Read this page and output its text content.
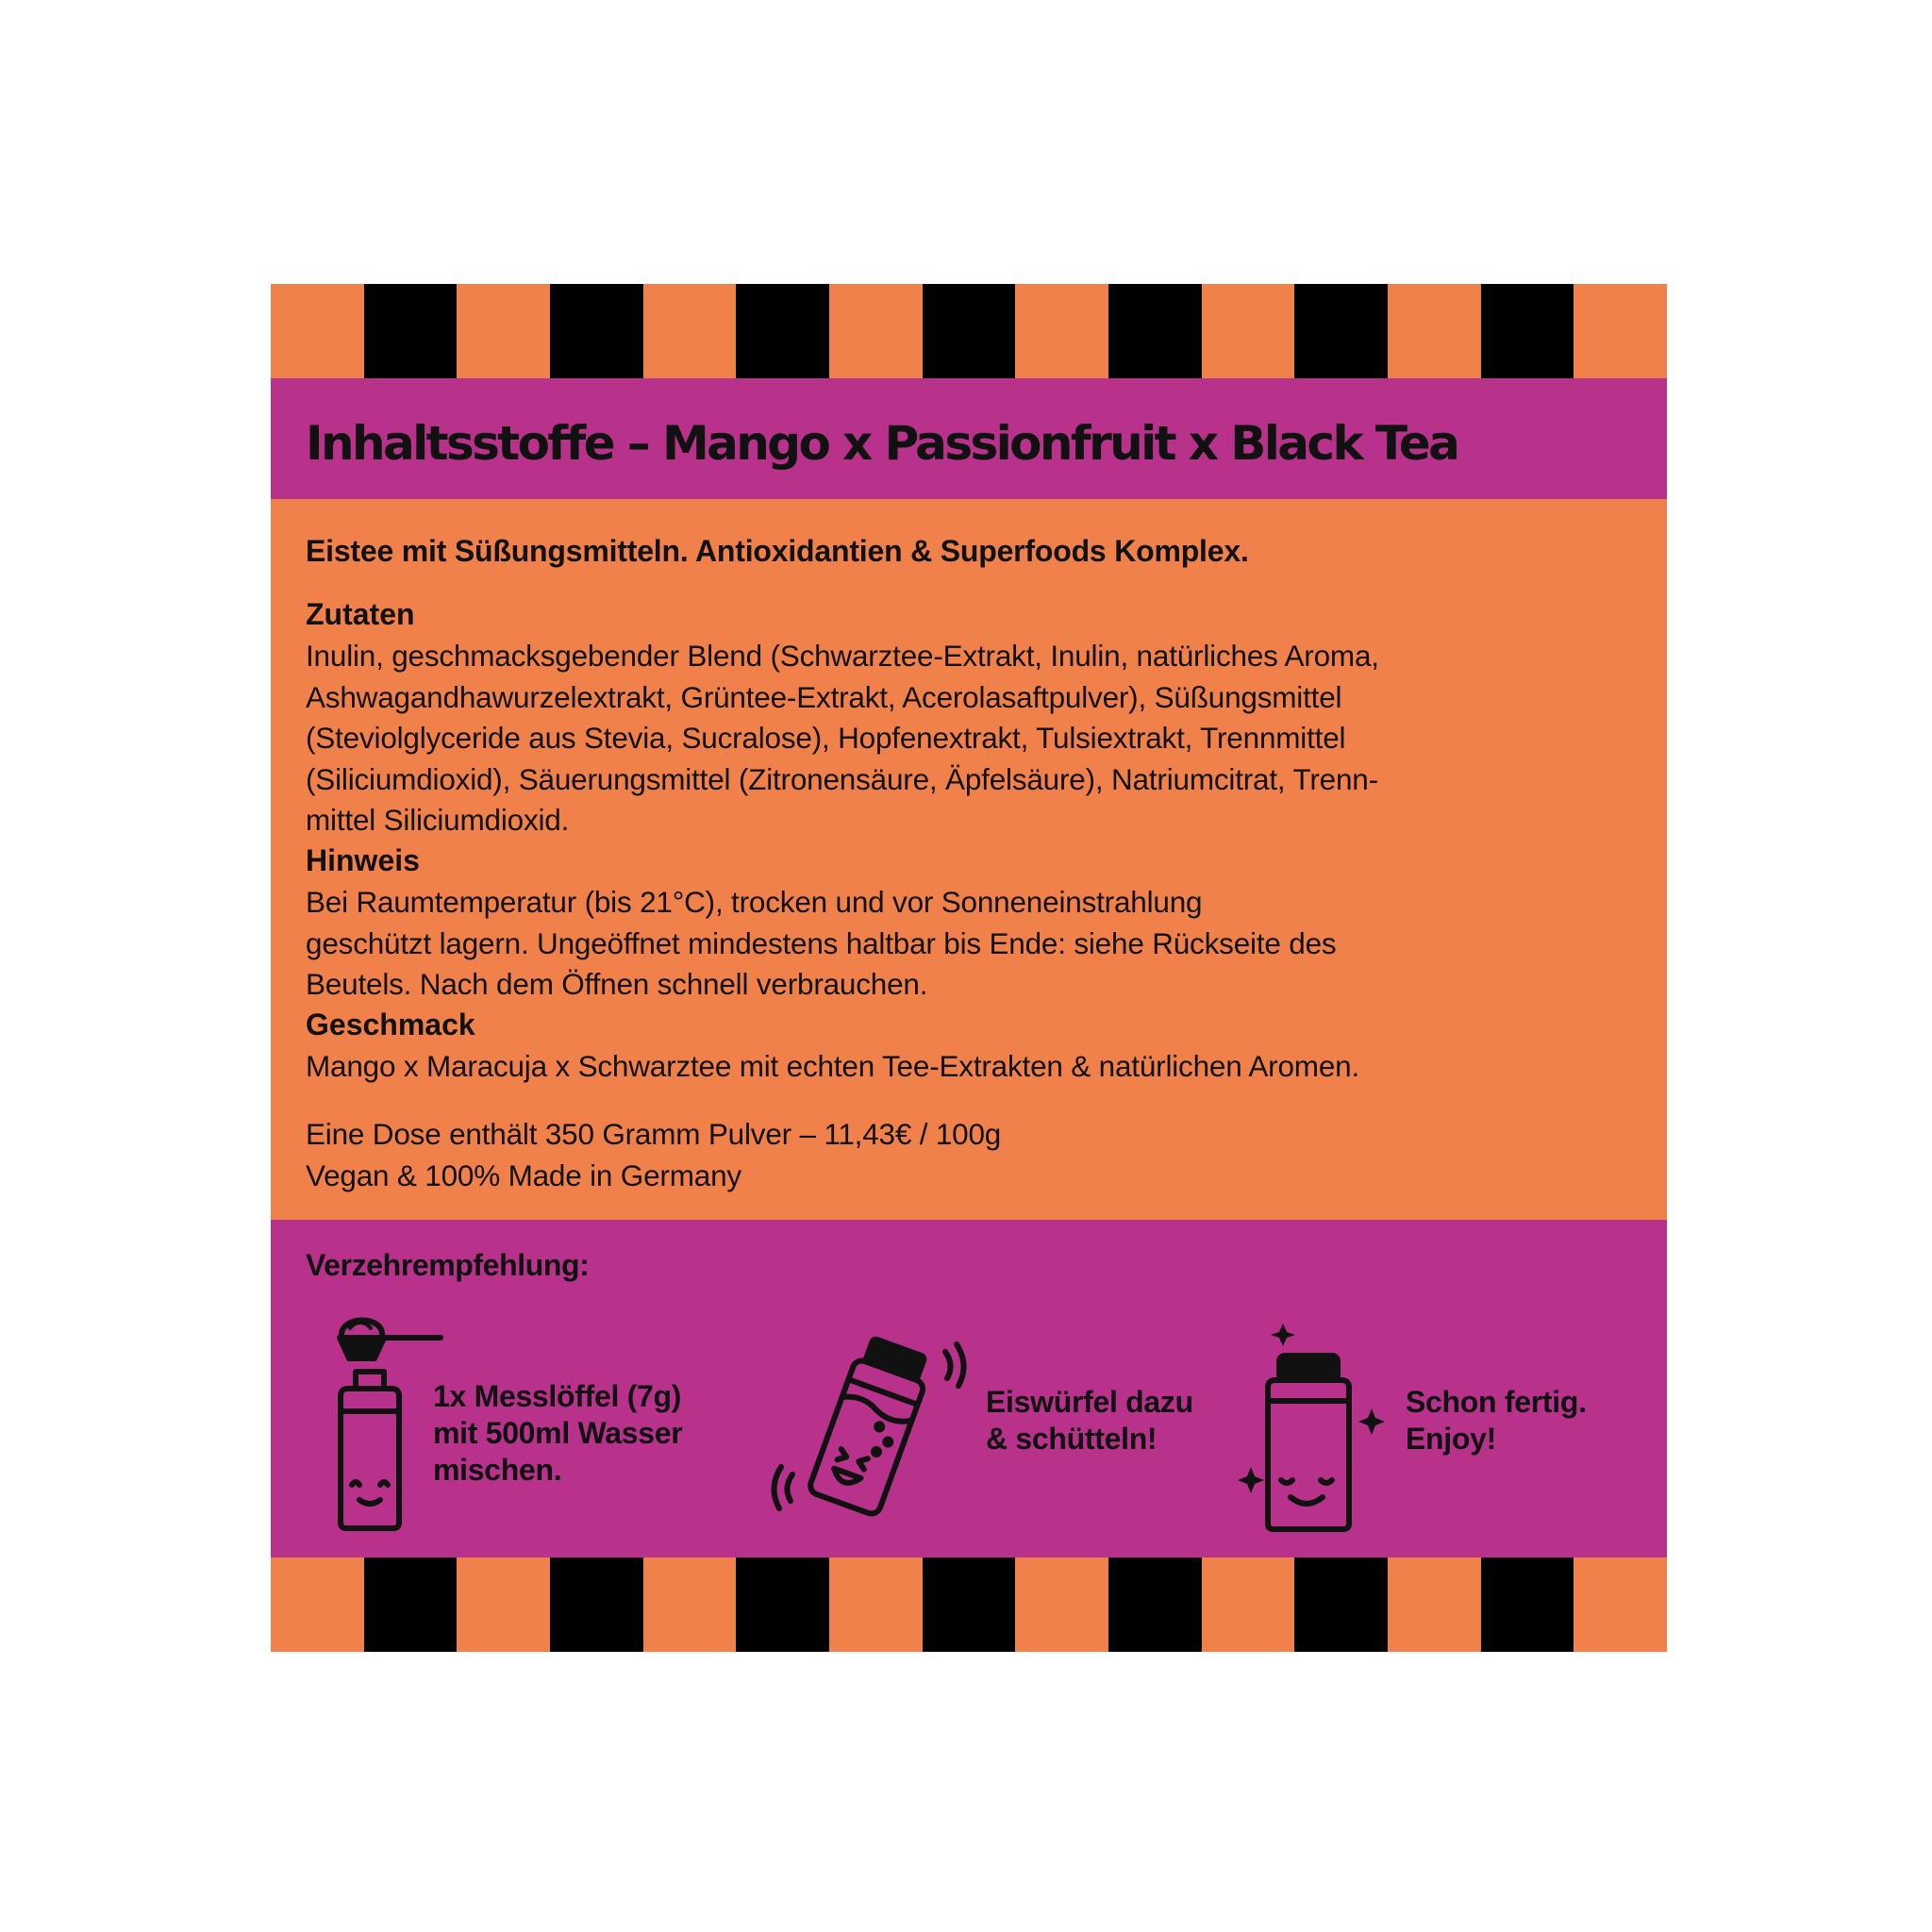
Inhaltsstoffe – Mango x Passionfruit x Black Tea

Eistee mit Süßungsmitteln. Antioxidantien & Superfoods Komplex.

Zutaten

Inulin, geschmacksgebender Blend (Schwarztee-Extrakt, Inulin, natürliches Aroma,

Ashwagandhawurzelextrakt, Grüntee-Extrakt, Acerolasaftpulver), Süßungsmittel

(Steviolglyceride aus Stevia, Sucralose), Hopfenextrakt, Tulsiextrakt, Trennmittel

(Siliciumdioxid), Säuerungsmittel (Zitronensäure, Äpfelsäure), Natriumcitrat, Trenn-

mittel Siliciumdioxid.

Hinweis

Bei Raumtemperatur (bis 21°C), trocken und vor Sonneneinstrahlung

geschützt lagern. Ungeöffnet mindestens haltbar bis Ende: siehe Rückseite des

Beutels. Nach dem Öffnen schnell verbrauchen.

Geschmack

Mango x Maracuja x Schwarztee mit echten Tee-Extrakten & natürlichen Aromen.

Eine Dose enthält 350 Gramm Pulver – 11,43€ / 100g

Vegan & 100% Made in Germany

Verzehrempfehlung:

1x Messlöffel (7g)
mit 500ml Wasser
mischen.

Eiswürfel dazu
& schütteln!

Schon fertig.
Enjoy!
